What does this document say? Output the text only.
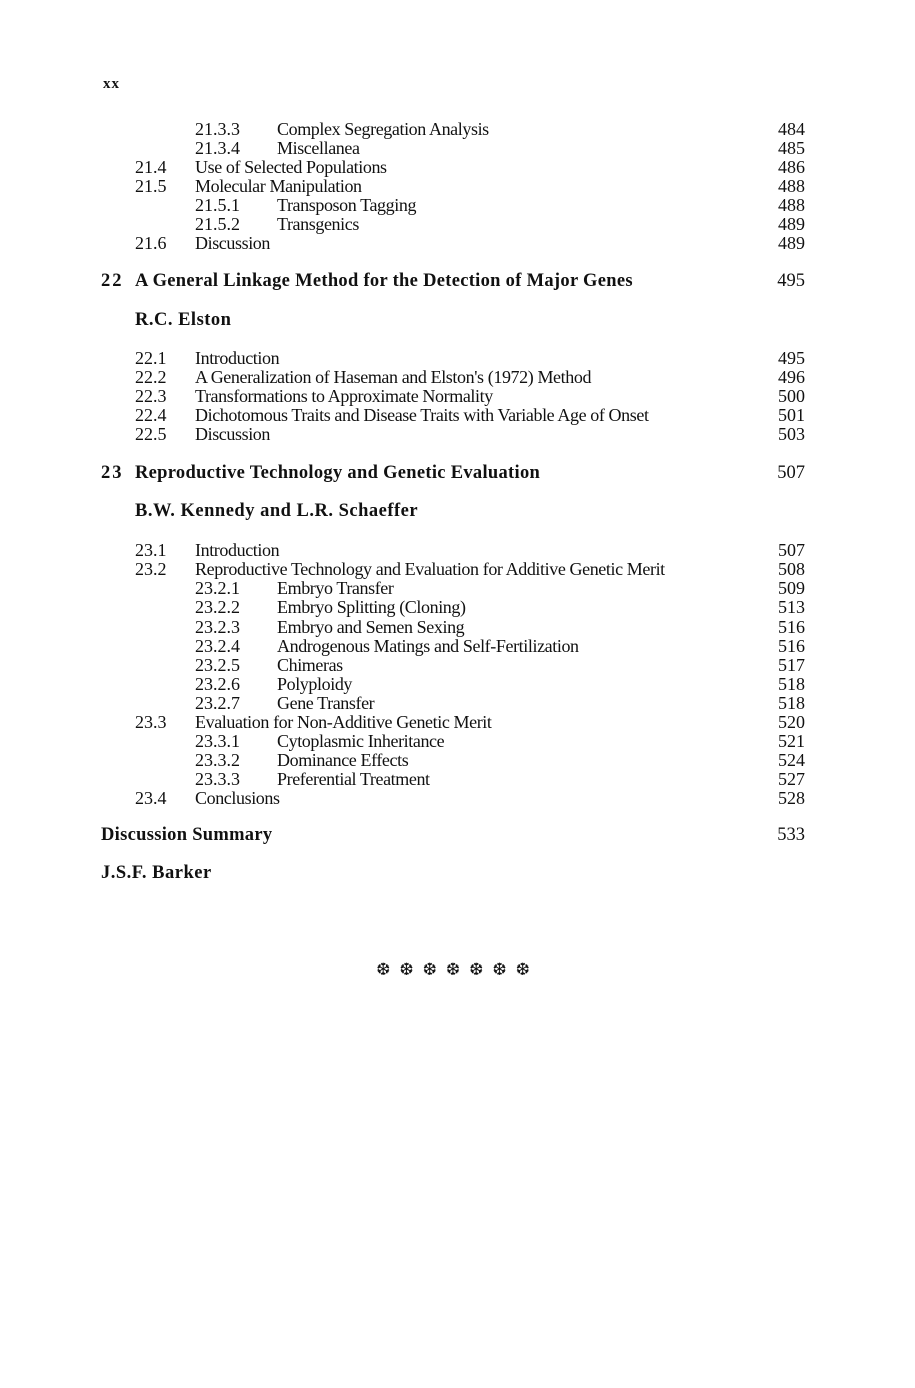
xx
21.3.3 Complex Segregation Analysis	484
21.3.4 Miscellanea	485
21.4 Use of Selected Populations	486
21.5 Molecular Manipulation	488
21.5.1 Transposon Tagging	488
21.5.2 Transgenics	489
21.6 Discussion	489
22 A General Linkage Method for the Detection of Major Genes	495
R.C. Elston
22.1 Introduction	495
22.2 A Generalization of Haseman and Elston's (1972) Method	496
22.3 Transformations to Approximate Normality	500
22.4 Dichotomous Traits and Disease Traits with Variable Age of Onset	501
22.5 Discussion	503
23 Reproductive Technology and Genetic Evaluation	507
B.W. Kennedy and L.R. Schaeffer
23.1 Introduction	507
23.2 Reproductive Technology and Evaluation for Additive Genetic Merit	508
23.2.1 Embryo Transfer	509
23.2.2 Embryo Splitting (Cloning)	513
23.2.3 Embryo and Semen Sexing	516
23.2.4 Androgenous Matings and Self-Fertilization	516
23.2.5 Chimeras	517
23.2.6 Polyploidy	518
23.2.7 Gene Transfer	518
23.3 Evaluation for Non-Additive Genetic Merit	520
23.3.1 Cytoplasmic Inheritance	521
23.3.2 Dominance Effects	524
23.3.3 Preferential Treatment	527
23.4 Conclusions	528
Discussion Summary	533
J.S.F. Barker
❆❆❆❆❆❆❆
